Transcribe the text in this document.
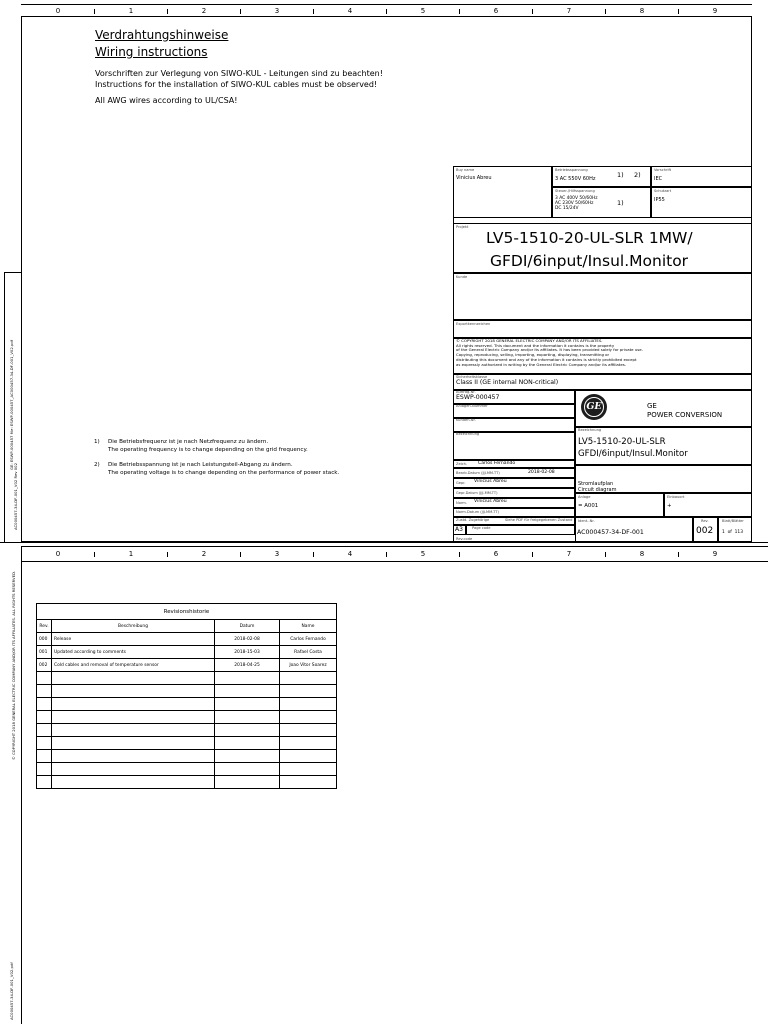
0	1	2	3	4	5	6	7	8	9
Verdrahtungshinweise
Wiring instructions
Vorschriften zur Verlegung von SIWO-KUL - Leitungen sind zu beachten!
Instructions for the installation of SIWO-KUL cables must be observed!
All AWG wires according to UL/CSA!
1) Die Betriebsfrequenz ist je nach Netzfrequenz zu ändern.
The operating frequency is to change depending on the grid frequency.
2) Die Betriebsspannung ist je nach Leistungsteil-Abgang zu ändern.
The operating voltage is to change depending on the performance of power stack.
GE: ESWP-000457 file: ESWP-000457_AC000457-34-DF-001_V02.pdf
AC000457-34-DF-001_V02 Rev 002
Buy name
Vinicius Abreu
Betriebsspannung
3 AC 550V 60Hz	1)     2)
Vorschrift
IEC
Steuer-/Hilfsspannung
3 AC 400V 50/60Hz
AC 230V 50/60Hz
DC 15/24V
1)
Schutzart
IP55
Projekt
LV5-1510-20-UL-SLR 1MW/
GFDI/6input/Insul.Monitor
Kunde
Exportkennzeichen
© COPYRIGHT 2018 GENERAL ELECTRIC COMPANY AND/OR ITS AFFILIATES.
All rights reserved. This document and the information it contains is the property
of the General Electric Company and/or its affiliates. It has been provided solely for private use.
Copying, reproducing, selling, importing, exporting, displaying, transmitting or
distributing this document and any of the information it contains is strictly prohibited except
as expressly authorized in writing by the General Electric Company and/or its affiliates.
Sicherheitsklasse
Class II (GE internal NON-critical)
Auftrag-Nr.
ESWP-000457
Anlagen-Nummer
Kunden-Nr.
Bezeichnung
GE	GE
POWER CONVERSION
Bezeichnung
LV5-1510-20-UL-SLR
GFDI/6input/Insul.Monitor
Zeich. Carlos Fernando
Bearb.Datum (JJJ-MM-TT)	2018-02-08
Gepr. Vinicius Abreu
Gepr.Datum (JJJ-MM-TT)
Norm. Vinicius Abreu
Norm.Datum (JJJ-MM-TT)
Zustd. Zugehörige	Siehe PDF für freigegebenen Zustand
A3	Page code
Rev.code
Stromlaufplan
Circuit diagram
Anlage
= A001
Einbauort
+
Ident.-Nr.
AC000457-34-DF-001
Rev.
002
Blatt/Blätter
1  of  113
0	1	2	3	4	5	6	7	8	9
© COPYRIGHT 2018 GENERAL ELECTRIC COMPANY AND/OR ITS AFFILIATES. ALL RIGHTS RESERVED.
AC000457-34-DF-001_V02.pdf
Revisionshistorie			
Rev.	Beschreibung	Datum	Name
000	Release	2018-02-08	Carlos Fernando
001	Updated according to comments	2018-15-03	Rafael Costa
002	Cold cables and removal of temperature sensor	2018-04-25	Joao Vitor Soarez
